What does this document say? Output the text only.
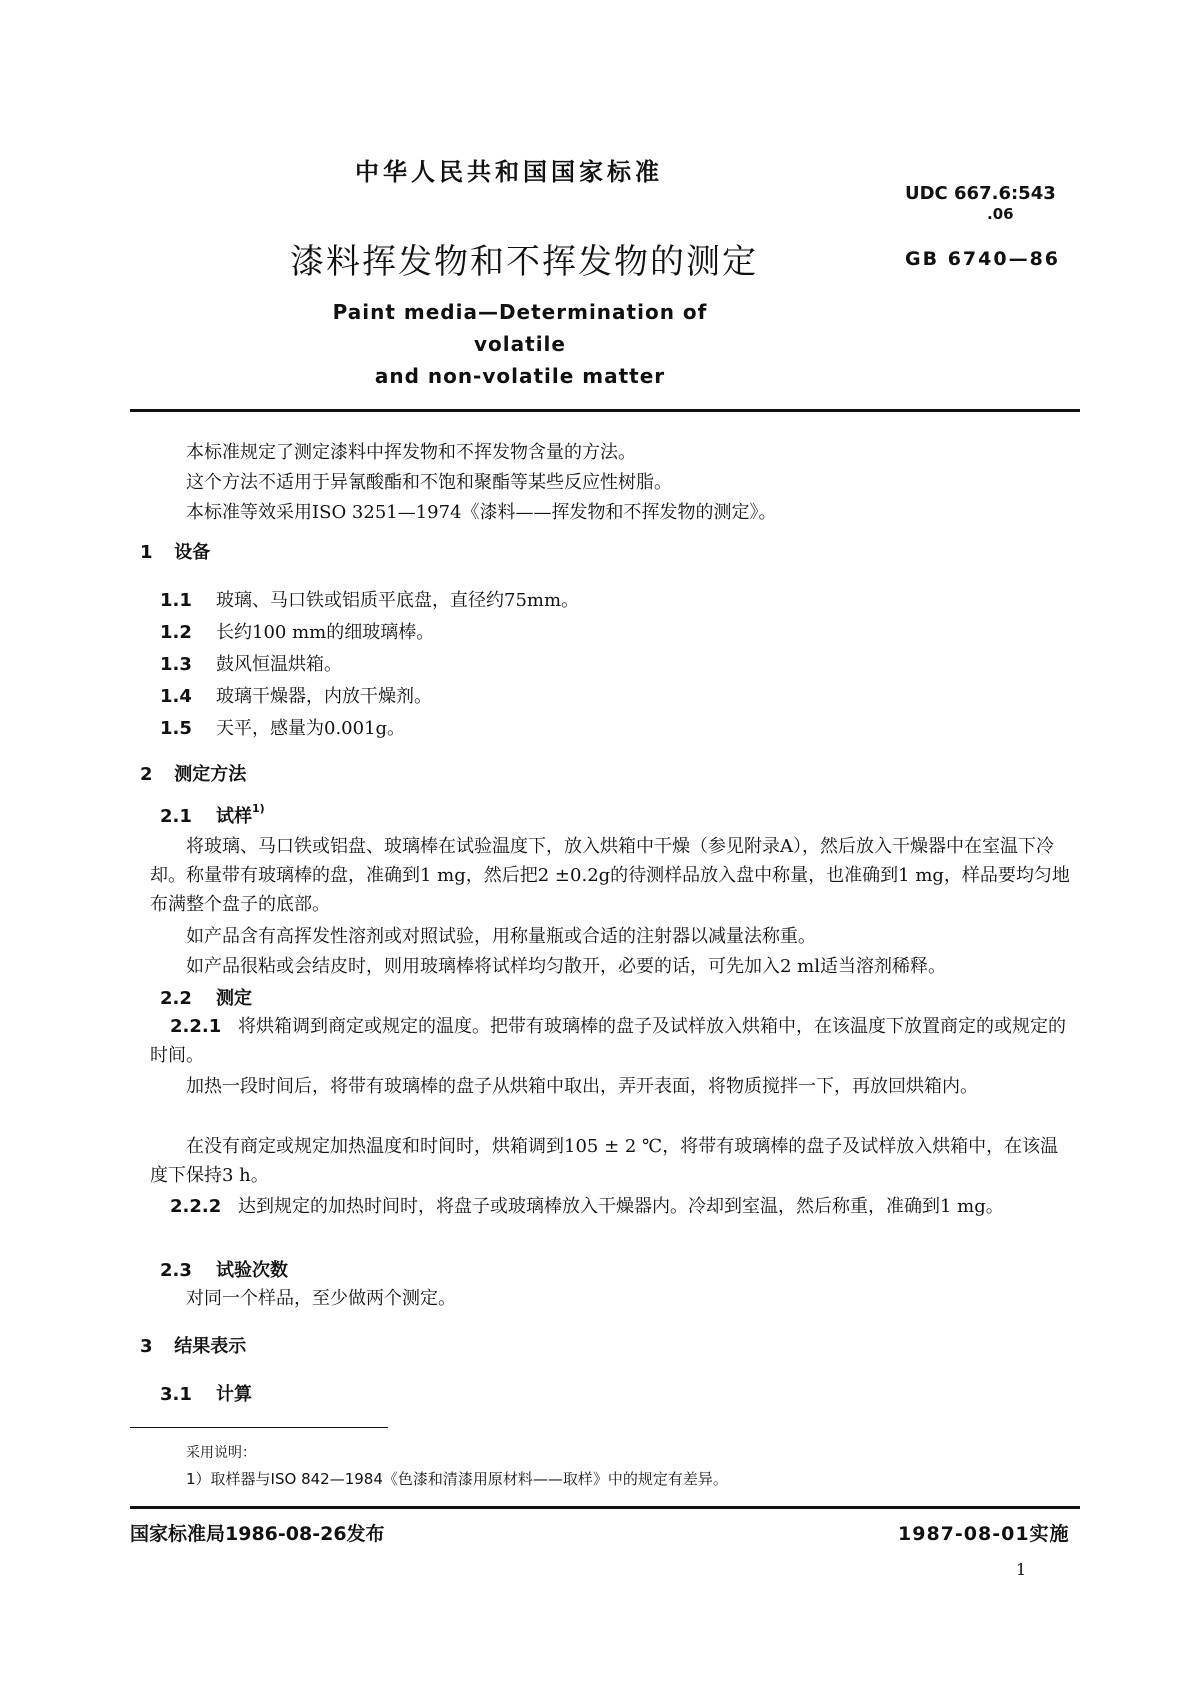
中华人民共和国国家标准
UDC 667.6:543
.06
漆料挥发物和不挥发物的测定	GB 6740—86
Paint media—Determination of volatile
and non-volatile matter

本标准规定了测定漆料中挥发物和不挥发物含量的方法。

这个方法不适用于异氰酸酯和不饱和聚酯等某些反应性树脂。

本标准等效采用ISO 3251—1974《漆料——挥发物和不挥发物的测定》。

1 设备
1.1 玻璃、马口铁或铝质平底盘，直径约75mm。
1.2 长约100 mm的细玻璃棒。
1.3 鼓风恒温烘箱。
1.4 玻璃干燥器，内放干燥剂。
1.5 天平，感量为0.001g。
2 测定方法
2.1 试样$^{1)}$
将玻璃、马口铁或铝盘、玻璃棒在试验温度下，放入烘箱中干燥（参见附录A），然后放入干燥器中在室温下冷却。称量带有玻璃棒的盘，准确到1 mg，然后把2 ±0.2g的待测样品放入盘中称量，也准确到1 mg，样品要均匀地布满整个盘子的底部。
如产品含有高挥发性溶剂或对照试验，用称量瓶或合适的注射器以减量法称重。
如产品很粘或会结皮时，则用玻璃棒将试样均匀散开，必要的话，可先加入2 ml适当溶剂稀释。
2.2 测定
2.2.1 将烘箱调到商定或规定的温度。把带有玻璃棒的盘子及试样放入烘箱中，在该温度下放置商定的或规定的时间。
加热一段时间后，将带有玻璃棒的盘子从烘箱中取出，弄开表面，将物质搅拌一下，再放回烘箱内。
在没有商定或规定加热温度和时间时，烘箱调到105 ± 2 ℃，将带有玻璃棒的盘子及试样放入烘箱中，在该温度下保持3 h。
2.2.2 达到规定的加热时间时，将盘子或玻璃棒放入干燥器内。冷却到室温，然后称重，准确到1 mg。
2.3 试验次数
对同一个样品，至少做两个测定。
3 结果表示
3.1 计算
采用说明：
1）取样器与ISO 842—1984《色漆和清漆用原材料——取样》中的规定有差异。
国家标准局1986-08-26发布	1987-08-01实施
1
